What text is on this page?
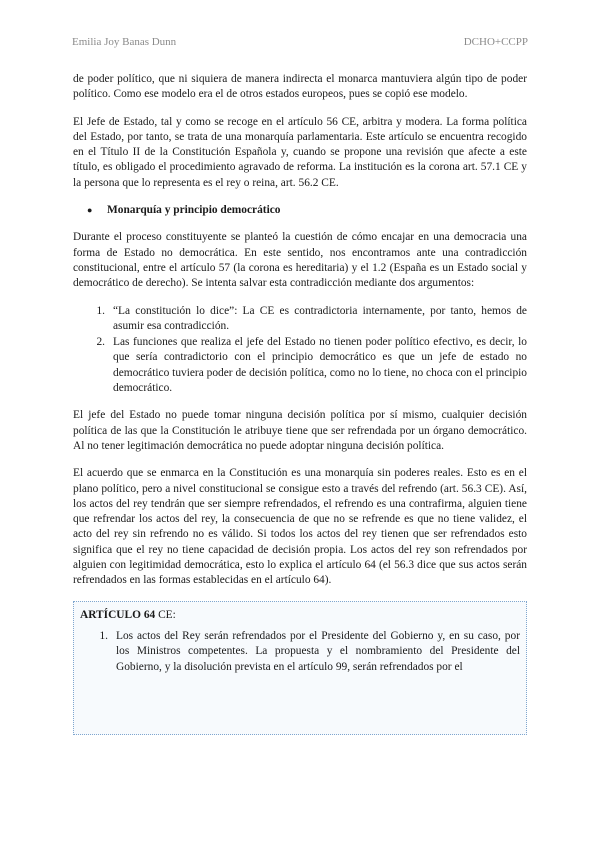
Emilia Joy Banas Dunn	DCHO+CCPP

de poder político, que ni siquiera de manera indirecta el monarca mantuviera algún tipo de poder político. Como ese modelo era el de otros estados europeos, pues se copió ese modelo.

El Jefe de Estado, tal y como se recoge en el artículo 56 CE, arbitra y modera. La forma política del Estado, por tanto, se trata de una monarquía parlamentaria. Este artículo se encuentra recogido en el Título II de la Constitución Española y, cuando se propone una revisión que afecte a este título, es obligado el procedimiento agravado de reforma. La institución es la corona art. 57.1 CE y la persona que lo representa es el rey o reina, art. 56.2 CE.

●	Monarquía y principio democrático

Durante el proceso constituyente se planteó la cuestión de cómo encajar en una democracia una forma de Estado no democrática. En este sentido, nos encontramos ante una contradicción constitucional, entre el artículo 57 (la corona es hereditaria) y el 1.2 (España es un Estado social y democrático de derecho). Se intenta salvar esta contradicción mediante dos argumentos:

1. “La constitución lo dice”: La CE es contradictoria internamente, por tanto, hemos de asumir esa contradicción.
2. Las funciones que realiza el jefe del Estado no tienen poder político efectivo, es decir, lo que sería contradictorio con el principio democrático es que un jefe de estado no democrático tuviera poder de decisión política, como no lo tiene, no choca con el principio democrático.

El jefe del Estado no puede tomar ninguna decisión política por sí mismo, cualquier decisión política de las que la Constitución le atribuye tiene que ser refrendada por un órgano democrático. Al no tener legitimación democrática no puede adoptar ninguna decisión política.

El acuerdo que se enmarca en la Constitución es una monarquía sin poderes reales. Esto es en el plano político, pero a nivel constitucional se consigue esto a través del refrendo (art. 56.3 CE). Así, los actos del rey tendrán que ser siempre refrendados, el refrendo es una contrafirma, alguien tiene que refrendar los actos del rey, la consecuencia de que no se refrende es que no tiene validez, el acto del rey sin refrendo no es válido. Si todos los actos del rey tienen que ser refrendados esto significa que el rey no tiene capacidad de decisión propia. Los actos del rey son refrendados por alguien con legitimidad democrática, esto lo explica el artículo 64 (el 56.3 dice que sus actos serán refrendados en las formas establecidas en el artículo 64).

ARTÍCULO 64 CE:
1. Los actos del Rey serán refrendados por el Presidente del Gobierno y, en su caso, por los Ministros competentes. La propuesta y el nombramiento del Presidente del Gobierno, y la disolución prevista en el artículo 99, serán refrendados por el
